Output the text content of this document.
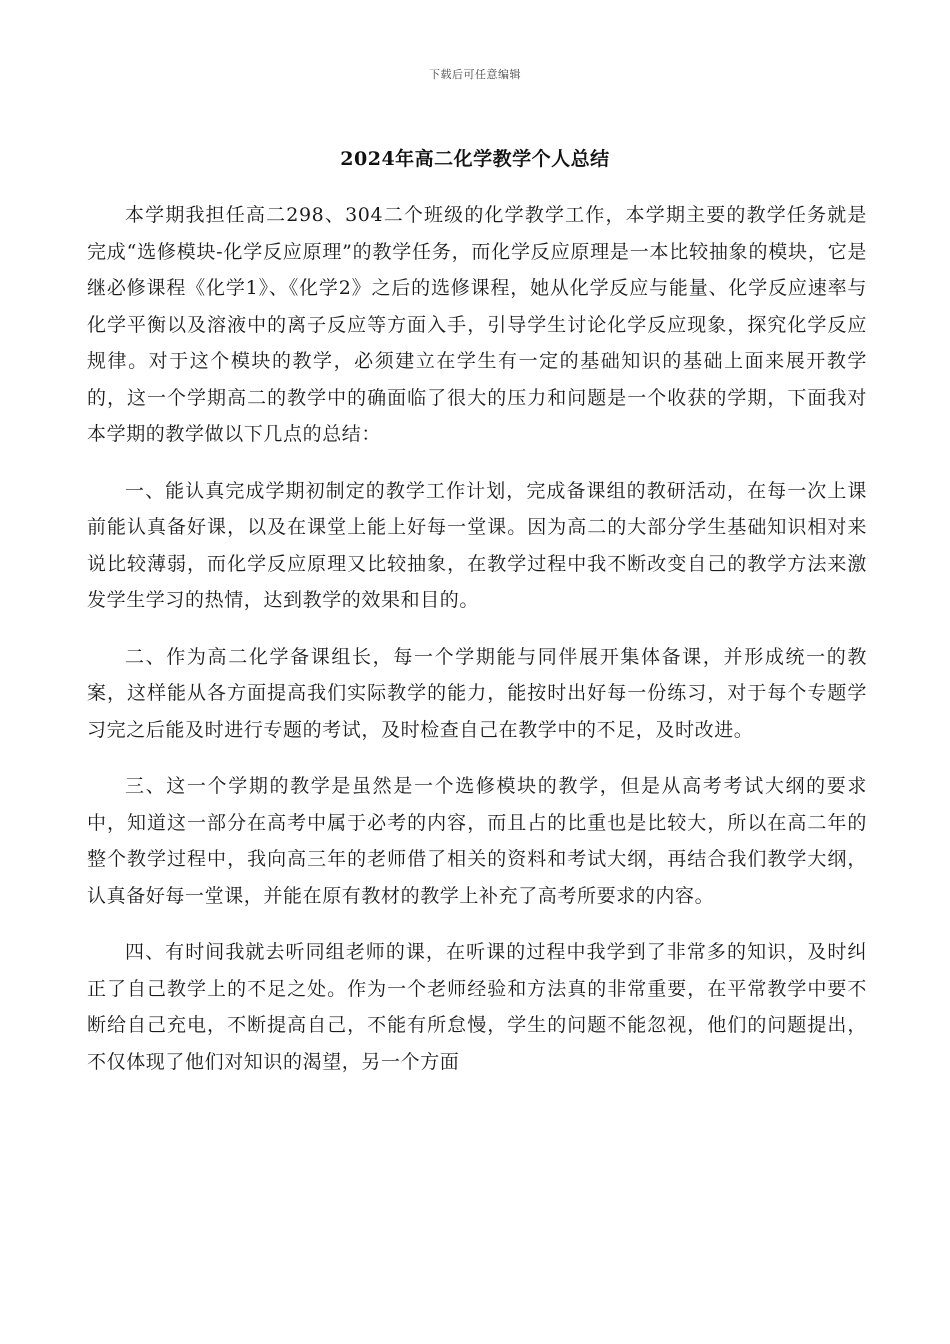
下载后可任意编辑
2024年高二化学教学个人总结

本学期我担任高二298、304二个班级的化学教学工作，本学期主要的教学任务就是完成“选修模块-化学反应原理”的教学任务，而化学反应原理是一本比较抽象的模块，它是继必修课程《化学1》、《化学2》之后的选修课程，她从化学反应与能量、化学反应速率与化学平衡以及溶液中的离子反应等方面入手，引导学生讨论化学反应现象，探究化学反应规律。对于这个模块的教学，必须建立在学生有一定的基础知识的基础上面来展开教学的，这一个学期高二的教学中的确面临了很大的压力和问题是一个收获的学期，下面我对本学期的教学做以下几点的总结：

一、能认真完成学期初制定的教学工作计划，完成备课组的教研活动，在每一次上课前能认真备好课，以及在课堂上能上好每一堂课。因为高二的大部分学生基础知识相对来说比较薄弱，而化学反应原理又比较抽象，在教学过程中我不断改变自己的教学方法来激发学生学习的热情，达到教学的效果和目的。

二、作为高二化学备课组长，每一个学期能与同伴展开集体备课，并形成统一的教案，这样能从各方面提高我们实际教学的能力，能按时出好每一份练习，对于每个专题学习完之后能及时进行专题的考试，及时检查自己在教学中的不足，及时改进。

三、这一个学期的教学是虽然是一个选修模块的教学，但是从高考考试大纲的要求中，知道这一部分在高考中属于必考的内容，而且占的比重也是比较大，所以在高二年的整个教学过程中，我向高三年的老师借了相关的资料和考试大纲，再结合我们教学大纲，认真备好每一堂课，并能在原有教材的教学上补充了高考所要求的内容。

四、有时间我就去听同组老师的课，在听课的过程中我学到了非常多的知识，及时纠正了自己教学上的不足之处。作为一个老师经验和方法真的非常重要，在平常教学中要不断给自己充电，不断提高自己，不能有所怠慢，学生的问题不能忽视，他们的问题提出，不仅体现了他们对知识的渴望，另一个方面
